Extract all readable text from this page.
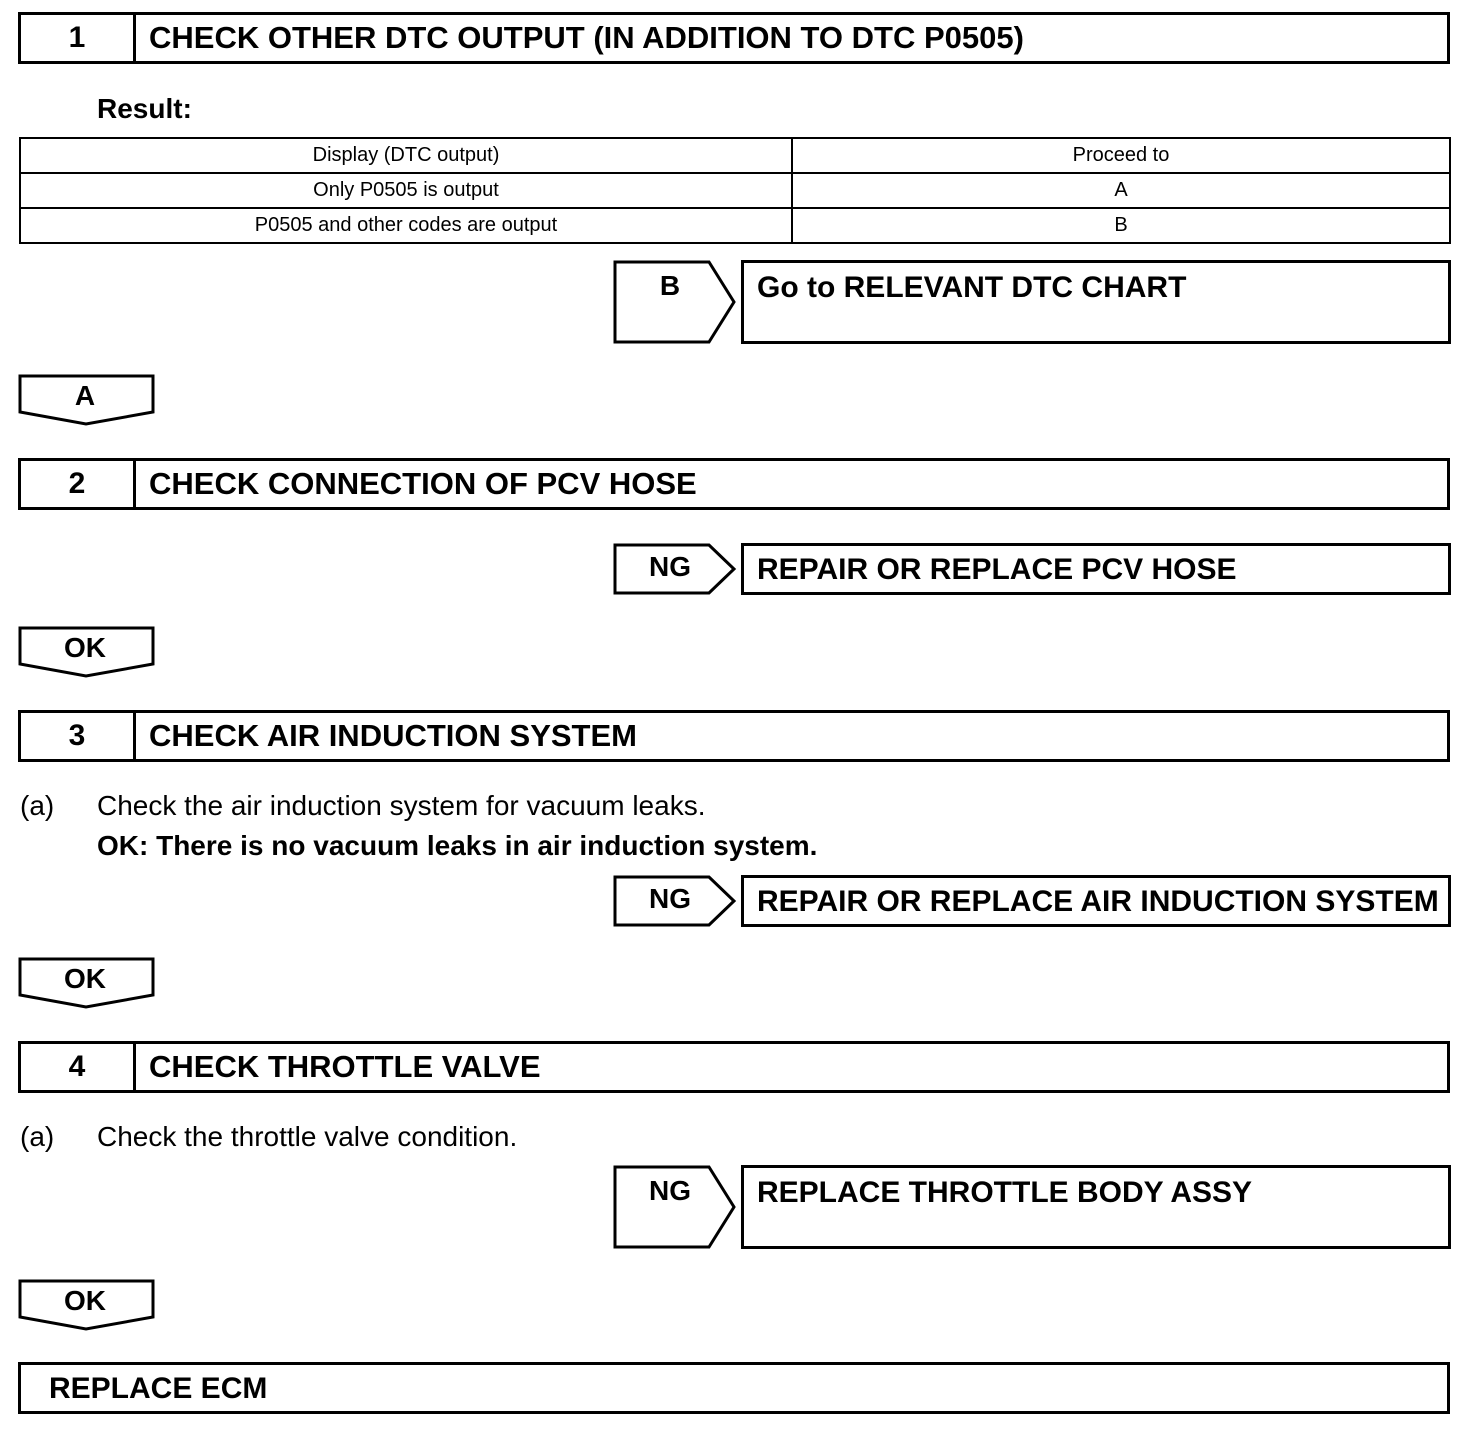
1	CHECK OTHER DTC OUTPUT (IN ADDITION TO DTC P0505)
Result:
Display (DTC output)	Proceed to
Only P0505 is output	A
P0505 and other codes are output	B
B	Go to RELEVANT DTC CHART
A
2	CHECK CONNECTION OF PCV HOSE
NG	REPAIR OR REPLACE PCV HOSE
OK
3	CHECK AIR INDUCTION SYSTEM
(a) Check the air induction system for vacuum leaks.
OK: There is no vacuum leaks in air induction system.
NG	REPAIR OR REPLACE AIR INDUCTION SYSTEM
OK
4	CHECK THROTTLE VALVE
(a) Check the throttle valve condition.
NG	REPLACE THROTTLE BODY ASSY
OK
REPLACE ECM
